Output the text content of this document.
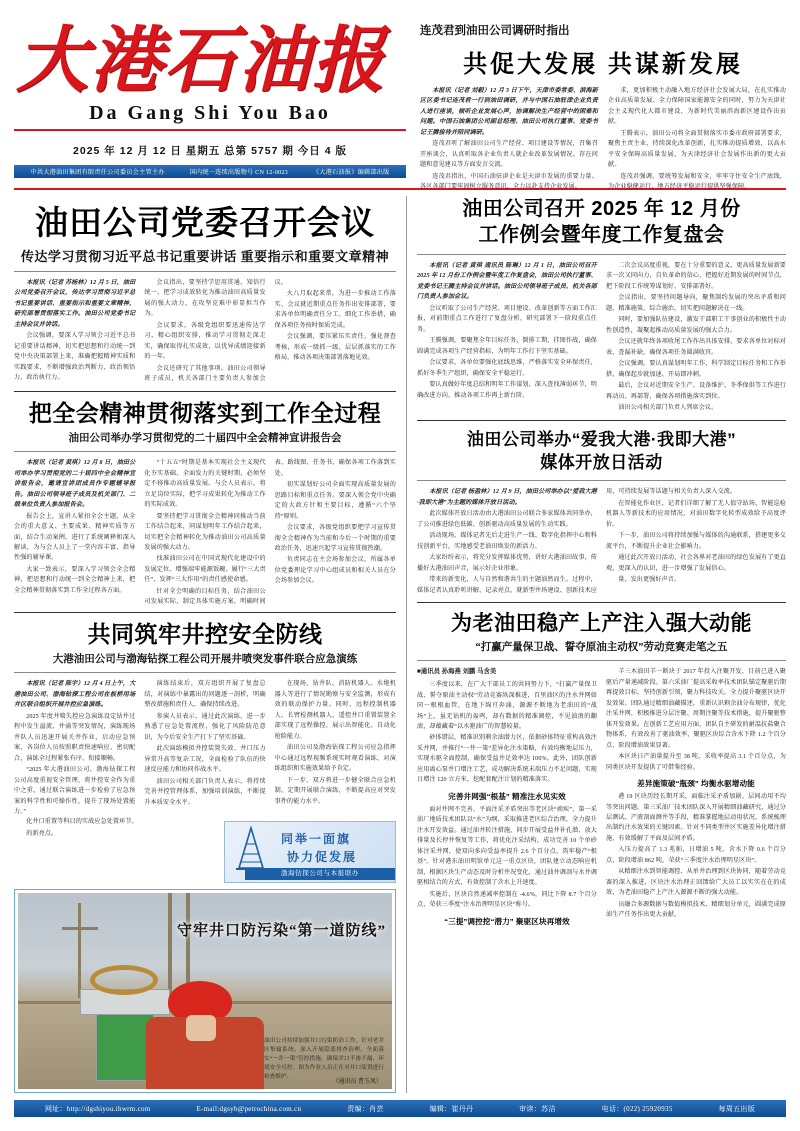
大港石油报
Da Gang Shi You Bao
2025 年 12 月 12 日 星期五 总第 5757 期 今日 4 版
中共大港油田集团有限责任公司委员会主管主办	国内统一连续出版物号 CN 12-0023	《大港石油报》编辑部出版
连茂君到油田公司调研时指出
共促大发展 共谋新发展

本报讯（记者 刘毅）12 月 3 日下午，天津市委常委、滨海新区区委书记连茂君一行到油田调研，并与中国石油驻津企业负责人进行座谈，倾听企业发展心声，协调解决生产经营中的困难和问题。中国石油集团公司副总经理、油田公司执行董事、党委书记王腾接待并陪同调研。

连茂君听了解油田公司生产经营、项目建设等情况，召集召开座谈会，认真听取各企业负责人就企业改革发展情况、存在问题和意见建议等方面发言交流。

连茂君指出，中国石油驻津企业是天津市发展的重要力量。各区各部门要牢固树立服务意识，全力以赴支持企业发展。

求，更加积极主动融入地方经济社会发展大局，在扎实推动企业高质量发展、全力保障国家能源安全的同时，努力为天津社会主义现代化大都市建设、为新时代美丽滨海新区建设作出贡献。

王腾表示，油田公司将全面贯彻落实市委市政府部署要求，聚焦主责主业，持续深化改革创新，扎实推动提质增效，以高水平安全保障高质量发展，为天津经济社会发展作出新的更大贡献。

连茂君强调，要统筹发展和安全，牢牢守住安全生产底线，为企业稳健运行、地方经济平稳运行提供坚强保障。

油田公司党委召开会议
传达学习贯彻习近平总书记重要讲话 重要指示和重要文章精神

本报讯（记者 苏杨林）12 月 5 日，油田公司党委召开会议，传达学习贯彻习近平总书记重要讲话、重要指示和重要文章精神，研究部署贯彻落实工作。油田公司党委书记主持会议并讲话。

会议强调，要深入学习领会习近平总书记重要讲话精神，切实把思想和行动统一到党中央决策部署上来，准确把握精神实质和实践要求，不断增强政治判断力、政治领悟力、政治执行力。

会议指出，要坚持学思用贯通、知信行统一，把学习成效转化为推动油田高质量发展的强大动力，在攻坚克难中彰显担当作为。

会议要求，各级党组织要迅速传达学习，精心组织安排，推动学习贯彻走深走实，确保取得扎实成效，以优异成绩迎接新的一年。

会议还研究了其他事项。油田公司领导班子成员，机关各部门主要负责人参加会议。

火八月取起来常，为进一步推动工作落实，会议就近期重点任务作出安排部署，要求各单位明确责任分工、细化工作举措，确保各项任务按时保质完成。

会议强调，要压紧压实责任，强化督查考核，形成一级抓一级、层层抓落实的工作格局，推动各项决策部署落地见效。

把全会精神贯彻落实到工作全过程
油田公司举办学习贯彻党的二十届四中全会精神宣讲报告会

本报讯（记者 黄琪）12 月 8 日，油田公司举办学习贯彻党的二十届四中全会精神宣讲报告会，邀请宣讲团成员作专题辅导报告。油田公司领导班子成员及机关部门、二级单位负责人参加报告会。

报告会上，宣讲人紧扣全会主题，从全会的重大意义、主要成果、精神实质等方面，结合生动案例，进行了系统阐释和深入解读，为与会人员上了一堂内容丰富、指导性强的辅导课。

大家一致表示，要深入学习领会全会精神，把思想和行动统一到全会精神上来，把全会精神贯彻落实到工作全过程各方面。

“十五五”时期是基本实现社会主义现代化夯实基础、全面发力的关键时期，必须坚定不移推动高质量发展。与会人员表示，将立足岗位实际，把学习成果转化为推动工作的实际成效。

要坚持把学习贯彻全会精神同推动当前工作结合起来，同谋划明年工作结合起来，切实把全会精神转化为推动油田公司高质量发展的强大动力。

找准油田公司在中国式现代化建设中的发展定位，增强端牢能源饭碗、履行“三大责任”、发挥“三大作用”的责任感使命感。

针对全会明确的目标任务，结合油田公司发展实际，制定具体实施方案，明确时间表、路线图、任务书，确保各项工作落到实处。

初实谋划好公司全面实现高质量发展的思路目标和重点任务。要深入领会党中央确定的大政方针和主要目标，遵循“六个坚持”原则。

会议要求，各级党组织要把学习宣传贯彻全会精神作为当前和今后一个时期的重要政治任务，迅速兴起学习宣传贯彻热潮。

负责同志在主会场参加会议，所属各单位党委理论学习中心组成员和相关人员在分会场参加会议。

共同筑牢井控安全防线
大港油田公司与渤海钻探工程公司开展井喷突发事件联合应急演练

本报讯（记者 陈宇）12 月 4 日上午，大港油田公司、渤海钻探工程公司在板桥用场井区联合组织开展井控应急演练。

2025 年度井喷失控应急演练设定钻井过程中发生溢流、井涌等突发情况，演练现场井队人员迅速开展关井作业，启动应急预案，各岗位人员按照职责快速响应、密切配合，演练全过程紧张有序、衔接顺畅。

“2025 年大港油田公司、渤海钻探工程公司高度重视安全管理，将井控安全作为重中之重，通过联合演练进一步检验了应急预案的科学性和可操作性，提升了现场处置能力。”

演练结束后，双方组织开展了复盘总结，对演练中暴露出的问题逐一剖析，明确整改措施和责任人，确保持续改进。

参演人员表示，通过此次演练，进一步熟悉了应急处置流程，强化了风险防范意识，为今后安全生产打下了坚实基础。

此次演练模拟井控装置失效、井口压力异常升高等复杂工况，全面检验了队伍的快速反应能力和协同作战水平。

油田公司相关部门负责人表示，将持续完善井控管理体系，加强培训演练，不断提升本质安全水平。

在现场，钻井队、消防机器人、水炮机器人等进行了情况勘察与安全监测，形成有效的联动保护力量。同时，远程控制机器人、长臂检测机器人、遥控井口重置装置全部实现了远程操控，展示出智能化、自动化抢险能力。

油田公司及渤海钻探工程公司应急指挥中心通过远程视频系统实时观看演练，对演练组织和实施效果给予肯定。

下一步，双方将进一步健全联合应急机制，定期开展联合演练，不断提高应对突发事件的能力水平。

化井口重置等科目的实战应急处置环节。

的新亮点。	同举一面旗
协力促发展
渤海钻探公司与本报联办
守牢井口防污染“第一道防线”
油田公司持续加强井口污染防治工作，针对老井区集输系统，深入开展隐患排查治理，全面落实“一井一策”管控措施，确保井口不渗不漏、环境安全可控。图为作业人员正在对井口装置进行检查维护。
（通讯员 曹玉凤）
油田公司召开 2025 年 12 月份
工作例会暨年度工作复盘会

本报讯（记者 黄琪 通讯员 陈琳）12 月 1 日，油田公司召开 2025 年 12 月份工作例会暨年度工作复盘会，油田公司执行董事、党委书记王腾主持会议并讲话。油田公司领导班子成员、机关各部门负责人参加会议。

会议听取了公司生产经营、项目建设、改革创新等方面工作汇报，对前期重点工作进行了复盘分析，研究部署下一阶段重点任务。

王腾强调，要聚焦全年目标任务，倒排工期、挂图作战，确保圆满完成各项生产经营指标，为明年工作打下坚实基础。

会议要求，各单位要强化底线思维，严格落实安全环保责任，抓好冬季生产组织，确保安全平稳运行。

要认真做好年度总结和明年工作谋划，深入查找薄弱环节，明确改进方向，推动各项工作再上新台阶。

二次会议高度重视，要在十分重要的意义、更高质量发展新要求一次又同向力，自负革命的信心，把握好近期发展的时间节点，把下阶段工作统筹谋划好、安排部署好。

会议指出，要坚持问题导向，聚焦制约发展的突出矛盾和问题，精准施策、综合施治，切实把问题解决在一线。

同时，要加强队伍建设，激发干部职工干事创业的积极性主动性创造性，凝聚起推动高质量发展的强大合力。

会议还就年终各项收尾工作作出具体安排，要求各单位对标对表、查漏补缺，确保各项任务圆满收官。

会议强调，要认真谋划明年工作，科学制定目标任务和工作举措，确保起步就加速、开局即冲刺。

最后，会议对近期安全生产、设备维护、冬季保供等工作进行再动员、再部署，确保各项措施落实到位。

油田公司相关部门负责人列席会议。

油田公司举办“爱我大港·我即大港”
媒体开放日活动

本报讯（记者 杨盈林）12 月 9 日，油田公司举办以“爱我大港·我即大港”为主题的媒体开放日活动。

此次媒体开放日活动由大港油田公司联合多家媒体共同举办，了公司推进绿色低碳、创新驱动高质量发展的生动实践。

活动现场，媒体记者先后走进生产一线、数字化指挥中心和科技创新平台，实地感受老油田焕发的新活力。

大家纷纷表示，将充分发挥媒体优势，讲好大港油田故事，传播好大港油田声音，展示好企业形象。

带来的新变化，人与自然和谐共生的主题油然而生。过程中，媒体记者认真聆听讲解、记录亮点，就新型井场建设、创新技术应用、可持续发展等话题与相关负责人深入交流。

在智能化作业区，记者们详细了解了无人值守站场、智能巡检机器人等新技术的应用情况，对油田数字化转型成效给予高度评价。

下一步，油田公司将持续加强与媒体的沟通联系，搭建更多交流平台，不断提升企业社会影响力。

通过此次开放日活动，社会各界对老油田的绿色发展有了更直观、更深入的认识，进一步增强了发展信心。

量，发出更强好声音。

为老油田稳产上产注入强大动能
“打赢产量保卫战、誓夺原油主动权”劳动竞赛走笔之五
■通讯员 孙海燕 刘鹏 马含美

三季度以来，在广大干部员工的共同努力下，“打赢产量保卫战、誓夺原油主动权”劳动竞赛纵深推进，百里油区的注水井网如同一根根血管，在地下绵亘奔涌，源源不断地为老油田的“战场”上，虽无钻机的轰鸣，却有数据的精准调控，不见油浪的翻滚，却蕴藏着“以水驱油广的智慧较量。

砂体错层，精准识别剩余油潜力区，依据砂体特征重构高效注采井网，并推行“一井一策”差异化注水策略，有效均衡地层压力，实现水驱全面控制，确保受益井足效率达 100%。此外，团队创新应用离心泵井口增注工艺，成功解决系统末端压力不足问题，实现日增注 120 立方米，挖配套配注计划的精准落实。

完善井网强“根基” 精准注水见实效

面对井网不完善、平面注采矛盾突出等老区块“顽疾”，第一采油厂地质技术团队以“水”为纲，采取推进老区综合治理，全力提升注水开发效益。通过油井转注措施，同步开展受益井补孔潜、放大排量及长停井恢复等工作，将优化注采结构，成功完善 10 个单砂体注采井网，使双向多向受益率提升 2.6 个百分点，筑牢稳产“根基”。针对港东油田明馆单元这一重点区块，团队建立动态响应机制，根据区块生产动态及时分析井况变化，通过油井调剖与水井调驱相结合的方式，有效控制了含水上升速度。

实施后，区块自然递减率控制在 -4.6%，同比下降 8.7 个百分点，荣获三季度“注水治理明星区块”称号。

“三提”调控挖“潜力” 聚驱区块再增效

羊三木油田羊一断块于 2017 年投入注聚开发，目前已进入聚驱后产量递减阶段。第六采油厂提高采收率技术团队锚定聚驱后期再提效目标，坚持创新引领，聚力科技攻关，全力提升聚驱区块开发效果。团队通过精细油藏描述，重新认识剩余油分布规律，优化注采井网，积极推进分层注聚、周期注聚等技术措施，提升聚驱整体开发效果。在创新工艺应用方面，团队自主研发的耐温抗盐聚合物体系，有效改善了驱油效率，聚驱区块综合含水下降 1.2 个百分点，阶段增油效果显著。

本区块日产油量提升至 38 吨，采收率提高 3.1 个百分点，为同类区块开发提供了可借鉴经验。

差异施策破“瓶颈” 均衡水驱增动能

港 19 区块历经长期开采，面临注采矛盾加剧、层间动用不均等突出问题。第三采油厂技术团队深入开展精细油藏研究，通过分层测试、产液剖面测井等手段，精准掌握地层动用状况，系统梳理出制约注水效果的关键因素。针对不同类型井区实施差异化增注措施，有效缓解了平面及层间矛盾。

入压力提高了 1.3 兆帕，日增油 5 吨，含水下降 0.6 个百分点，阶段增油 862 吨，荣获“三季度注水治理明星区块”。

从精细注水到智能调控、从单井治理到区块协同，随着劳动竞赛的深入推进，区块注水治理正回馈给广大员工以实实在在的成效，为老油田稳产上产注入源源不断的强大动能。

员融合多源数据与数值模拟技术，精细划分单元，圆满完成原油生产任务作出更大贡献。

网址：http://dgshiyou.ihwrm.com	E-mail:dgsyb@petrochina.com.cn	责编：肖芸	编辑：崔丹丹	审读：苏洁	电话：(022) 25920935	每周五出版
